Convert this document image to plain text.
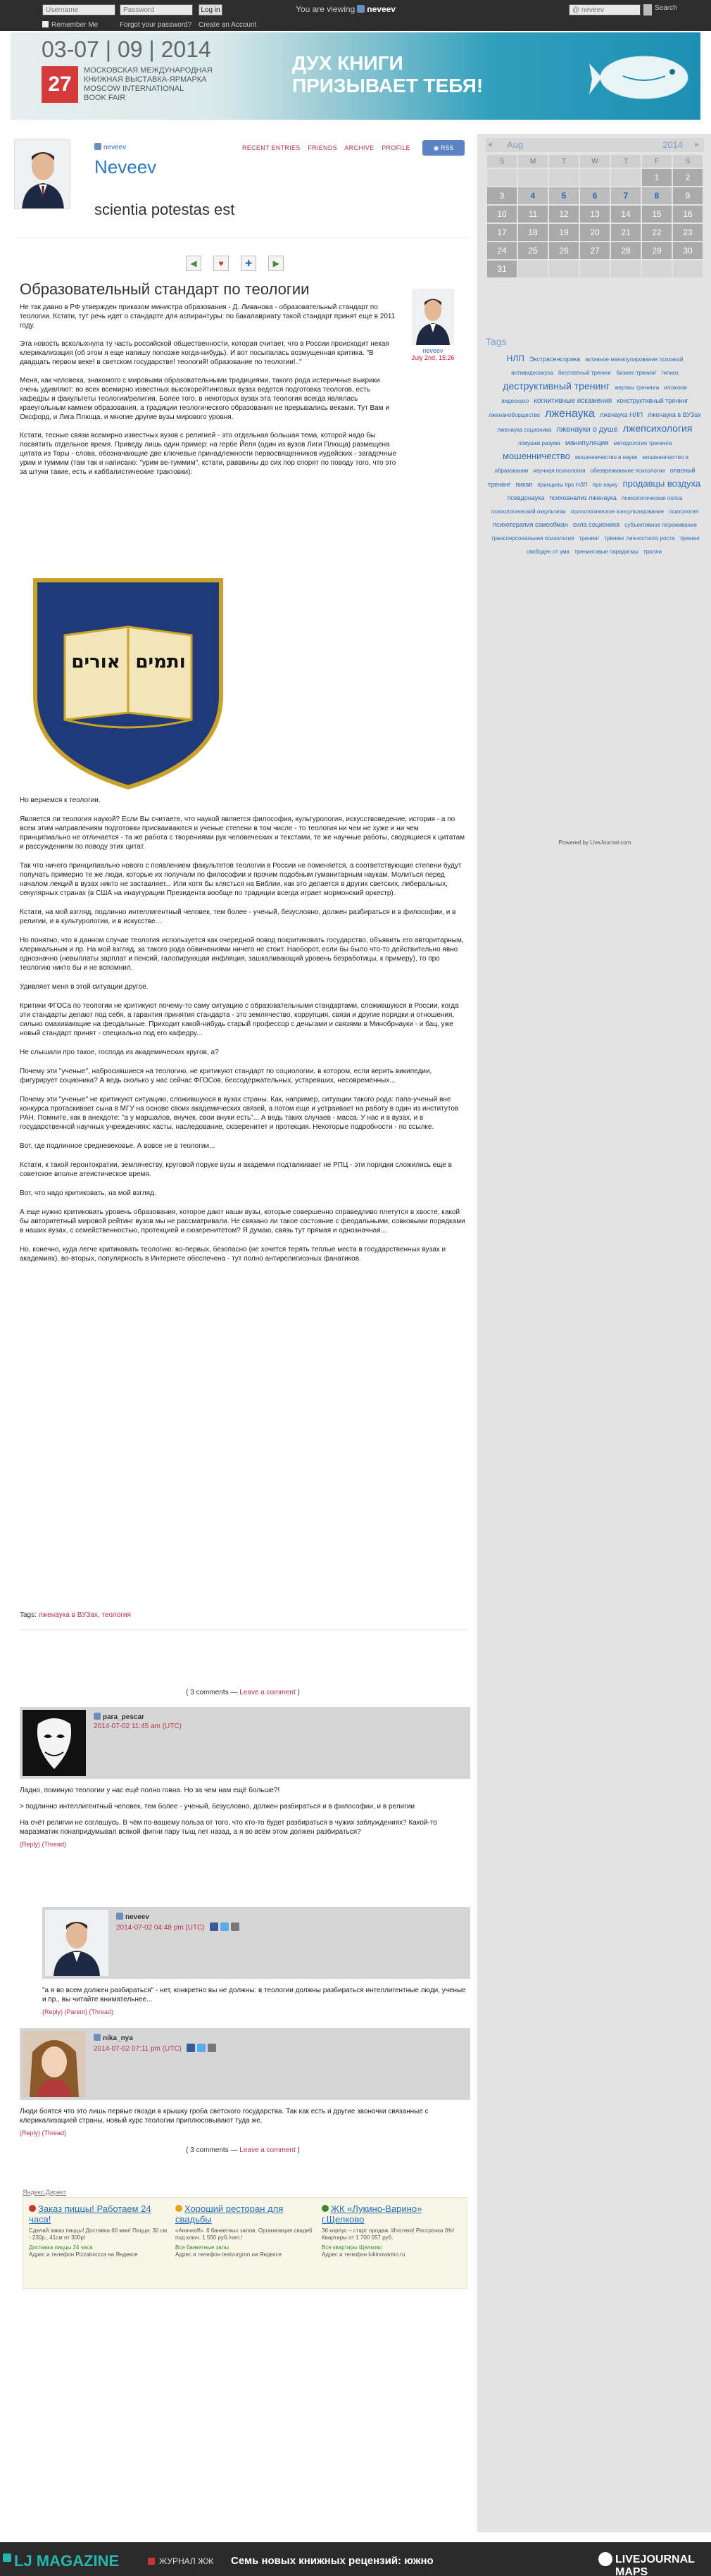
Username
Password
Log in
Remember Me	Forgot your password? Create an Account
You are viewing neveev
@ neveev	Search
03-07 | 09 | 2014
27
МОСКОВСКАЯ МЕЖДУНАРОДНАЯ
КНИЖНАЯ ВЫСТАВКА-ЯРМАРКА
MOSCOW INTERNATIONAL
BOOK FAIR
ДУХ КНИГИ
ПРИЗЫВАЕТ ТЕБЯ!
neveev	RECENT ENTRIES FRIENDS ARCHIVE PROFILE	◉ RSS
Neveev
scientia potestas est
◀	♥	✚ ▶
Образовательный стандарт по теологии
neveev
July 2nd, 15:26

Не так давно в РФ утвержден приказом министра образования - Д. Ливанова - образовательный стандарт по теологии. Кстати, тут речь идет о стандарте для аспирантуры: по бакалавриату такой стандарт принят еще в 2011 году.

Эта новость всколыхнула ту часть российской общественности, которая считает, что в России происходит некая клерикализация (об этом я еще напишу попозже когда-нибудь). И вот посыпалась возмущенная критика. "В двадцать первом веке! в светском государстве! теологий! образование по теологии!.."

Меня, как человека, знакомого с мировыми образовательными традициями, такого рода истеричные выкрики очень удивляют: во всех всемирно известных высокорейтинговых вузах ведется подготовка теологов, есть кафедры и факультеты теологии/религии. Более того, в некоторых вузах эта теология всегда являлась краеугольным камнем образования, а традиции теологического образования не прерывались веками. Тут Вам и Оксфорд, и Лига Плюща, и многие другие вузы мирового уровня.

Кстати, тесные связи всемирно известных вузов с религией - это отдельная большая тема, которой надо бы посвятить отдельное время. Приведу лишь один пример: на гербе Йеля (один из вузов Лиги Плюща) размещена цитата из Торы - слова, обозначающие две ключевые принадлежности первосвященников иудейских - загадочные урим и туммим (там так и написано: "урим ве-туммим", кстати, равввины до сих пор спорят по поводу того, что это за штуки такие, есть и каббалистические трактовки):

אורים ותמים

Но вернемся к теологии.

Является ли теология наукой? Если Вы считаете, что наукой является философия, культурология, искусствоведение, история - а по всем этим направлениям подготовки присваиваются и ученые степени в том числе - то теология ни чем не хуже и ни чем принципиально не отличается - та же работа с творениями рук человеческих и текстами, те же научные работы, сводящиеся к цитатам и рассуждениям по поводу этих цитат.

Так что ничего принципиально нового с появлением факультетов теологии в России не поменяется, а соответствующие степени будут получать примерно те же люди, которые их получали по философии и прочим подобным гуманитарным наукам. Молиться перед началом лекций в вузах никто не заставляет... Или хотя бы клясться на Библии, как это делается в других светских, либеральных, секулярных странах (в США на инаугурации Президента вообще по традиции всегда играет мормонский оркестр).

Кстати, на мой взгляд, подлинно интеллигентный человек, тем более - ученый, безусловно, должен разбираться и в философии, и в религии, и в культурологии, и в искусстве...

Но понятно, что в данном случае теология используется как очередной повод покритиковать государство, объявить его авторитарным, клерикальным и пр. На мой взгляд, за такого рода обвинениями ничего не стоит. Наоборот, если бы было что-то действительно явно однозначно (невыплаты зарплат и пенсий, галопирующая инфляция, зашкаливающий уровень безработицы, к примеру), то про теологию никто бы и не вспомнил.

Удивляет меня в этой ситуации другое.

Критики ФГОСа по теологии не критикуют почему-то саму ситуацию с образовательными стандартами, сложившуюся в России, когда эти стандарты делают под себя, а гарантия принятия стандарта - это землячество, коррупция, связи и другие порядки и отношения, сильно смахивающие на феодальные. Приходит какой-нибудь старый профессор с деньгами и связями в Минобрнауки - и бац, уже новый стандарт принят - специально под его кафедру...

Не слышали про такое, господа из академических кругов, а?

Почему эти "ученые", набросившиеся на теологию, не критикуют стандарт по социологии, в котором, если верить википедии, фигурирует соционика? А ведь сколько у нас сейчас ФГОСов, бессодержательных, устаревших, несовременных...

Почему эти "ученые" не критикуют ситуацию, сложившуюся в вузах страны. Как, например, ситуации такого рода: папа-ученый вне конкурса протаскивает сына в МГУ на основе своих академических связей, а потом еще и устраивает на работу в один из институтов РАН. Помните, как в анекдоте: "а у маршалов, внучек, свои внуки есть"... А ведь таких случаев - масса. У нас и в вузах, и в государственной научных учреждениях: касты, наследование, сюзеренитет и протекция. Некоторые подробности - по ссылке.

Вот, где подлинное средневековье. А вовсе не в теологии...

Кстати, к такой геронтократии, землячеству, круговой поруке вузы и академии подталкивает не РПЦ - эти порядки сложились еще в советское вполне атеистическое время.

Вот, что надо критиковать, на мой взгляд.

А еще нужно критиковать уровень образования, которое дают наши вузы, которые совершенно справедливо плетутся в хвосте, какой бы авторитетный мировой рейтинг вузов мы не рассматривали. Не связано ли такое состояние с феодальными, совковыми порядками в наших вузах, с семейственностью, протекцией и сюзеренитетом? Я думаю, связь тут прямая и однозначная...

Но, конечно, куда легче критиковать теологию: во-первых, безопасно (не хочется терять теплые места в государственных вузах и академиях), во-вторых, популярность в Интернете обеспечена - тут полно антирелигиозных фанатиков.

Tags: лженаука в ВУЗах, теология
( 3 comments — Leave a comment )
para_pescar
2014-07-02 11:45 am (UTC)

Ладно, поминую теологии у нас ещё полно говна. Но за чем нам ещё больше?!

> подлинно интеллигентный человек, тем более - ученый, безусловно, должен разбираться и в философии, и в религии

На счёт религии не соглашусь. В чём по-вашему польза от того, что кто-то будет разбираться в чужих заблуждениях? Какой-то маразматик понапридумывал всякой фигни пару тыщ лет назад, а я во всём этом должен разбираться?

(Reply) (Thread)
neveev
2014-07-02 04:48 pm (UTC)

"а я во всем должен разбираться" - нет, конкретно вы не должны: в теологии должны разбираться интеллигентные люди, ученые и пр., вы читайте внимательнее...

(Reply) (Parent) (Thread)
nika_nya
2014-07-02 07:11 pm (UTC)

Люди боятся что это лишь первые гвозди в крышку гроба светского государства. Так как есть и другие звоночки связанные с клерикализацией страны, новый курс теологии приплюсовывают туда же.

(Reply) (Thread)
( 3 comments — Leave a comment )
Яндекс.Директ
Заказ пиццы! Работаем 24 часа!
Сделай заказ пиццы! Доставка 60 мин! Пицца: 30 см - 230р., 41см от 300р!
Доставка пиццы 24 часа
Адрес и телефон Pizzaborzza на Яндексе
Хороший ресторан для свадьбы
«Аничкоff». 6 банкетных залов. Организация свадеб под ключ. 1 550 руб./чел.!
Все банкетные залы
Адрес и телефон testvurgron на Яндексе
ЖК «Лукино-Варино» г.Щелково
36 корпус – старт продаж. Ипотека! Рассрочка 0%! Квартиры от 1 700 057 руб.
Все квартиры Щелково
Адрес и телефон lukinovarino.ru
« Aug	2014 »
S	M	T	W	T	F	S
					1	2
3	4	5	6	7	8	9
10	11	12	13	14	15	16
17	18	19	20	21	22	23
24	25	26	27	28	29	30
31						
Tags
НЛП Экстрасенсорика активное манипулирование психикой антивидеоакуха бесплатный тренинг бизнес-тренинг гипноз деструктивный тренинг жертвы тренинга иллюзии видеохахо когнитивные искажения конструктивный тренинг лженаноборщество лженаука лженаука НЛП лженаука в ВУЗах лженаука соционика лженауки о душе лжепсихология ловушки разума манипуляция методология тренинга мошенничество мошенничество в науке мошенничество в образовании научная психология обезвреживание психологии опасный тренинг пикап принципы про НЛП про науку продавцы воздуха псевдонаука психоанализ лженаука психологическая попса психологический оккультизм психологическое консультирование психология психотерапия самообман сила соционика субъективное переживание трансперсональная психология тренинг тренинг личностного роста тренинг свободен от ума тренинговые парадигмы тролли
Powered by LiveJournal.com
LJ MAGAZINE	ЖУРНАЛ ЖЖ Семь новых книжных рецензий: южно	LIVEJOURNAL MAPS
